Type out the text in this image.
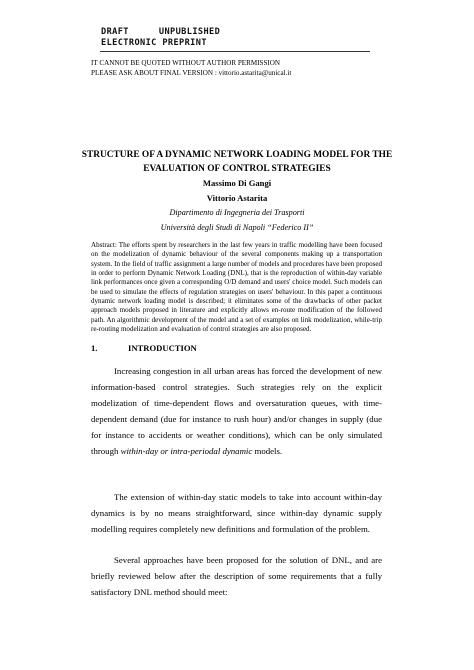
DRAFT	UNPUBLISHED
ELECTRONIC PREPRINT
IT CANNOT BE QUOTED WITHOUT AUTHOR PERMISSION
PLEASE ASK ABOUT FINAL VERSION : vittorio.astarita@unical.it
STRUCTURE OF A DYNAMIC NETWORK LOADING MODEL FOR THE
EVALUATION OF CONTROL STRATEGIES
Massimo Di Gangi
Vittorio Astarita
Dipartimento di Ingegneria dei Trasporti
Università degli Studi di Napoli “Federico II”
Abstract: The efforts spent by researchers in the last few years in traffic modelling have been focused on the modelization of dynamic behaviour of the several components making up a transportation system. In the field of traffic assignment a large number of models and procedures have been proposed in order to perform Dynamic Network Loading (DNL), that is the reproduction of within-day variable link performances once given a corresponding O/D demand and users' choice model. Such models can be used to simulate the effects of regulation strategies on users' behaviour. In this paper a continuous dynamic network loading model is described; it eliminates some of the drawbacks of other packet approach models proposed in literature and explicitly allows en-route modification of the followed path. An algorithmic development of the model and a set of examples on link modelization, while-trip re-routing modelization and evaluation of control strategies are also proposed.
1.	INTRODUCTION
Increasing congestion in all urban areas has forced the development of new information-based control strategies. Such strategies rely on the explicit modelization of time-dependent flows and oversaturation queues, with time-dependent demand (due for instance to rush hour) and/or changes in supply (due for instance to accidents or weather conditions), which can be only simulated through within-day or intra-periodal dynamic models.
The extension of within-day static models to take into account within-day dynamics is by no means straightforward, since within-day dynamic supply modelling requires completely new definitions and formulation of the problem.
Several approaches have been proposed for the solution of DNL, and are briefly reviewed below after the description of some requirements that a fully satisfactory DNL method should meet:
